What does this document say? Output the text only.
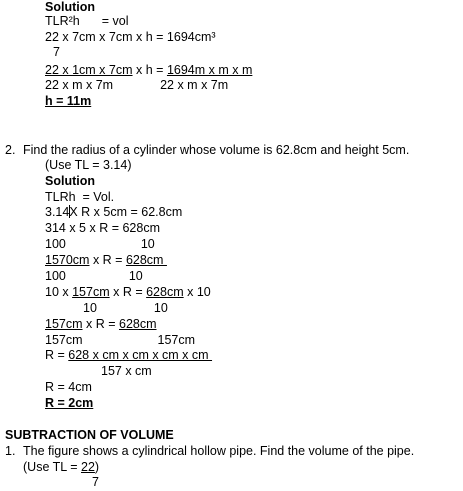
Solution
TLR²h = vol
22 x 7cm x 7cm x h = 1694cm³
7
22 x 1cm x 7cm x h = 1694m x m x m
22 x m x 7m	22 x m x 7m
h = 11m
2. Find the radius of a cylinder whose volume is 62.8cm and height 5cm.
(Use TL = 3.14)
Solution
TLRh  = Vol.
3.14X R x 5cm = 62.8cm
314 x 5 x R = 628cm
100	10
1570cm x R = 628cm
100	10
10 x 157cm x R = 628cm x 10
10	10
157cm x R = 628cm
157cm	157cm
R = 628 x cm x cm x cm x cm
157 x cm
R = 4cm
R = 2cm
SUBTRACTION OF VOLUME
1. The figure shows a cylindrical hollow pipe. Find the volume of the pipe.
(Use TL = 22)
7
